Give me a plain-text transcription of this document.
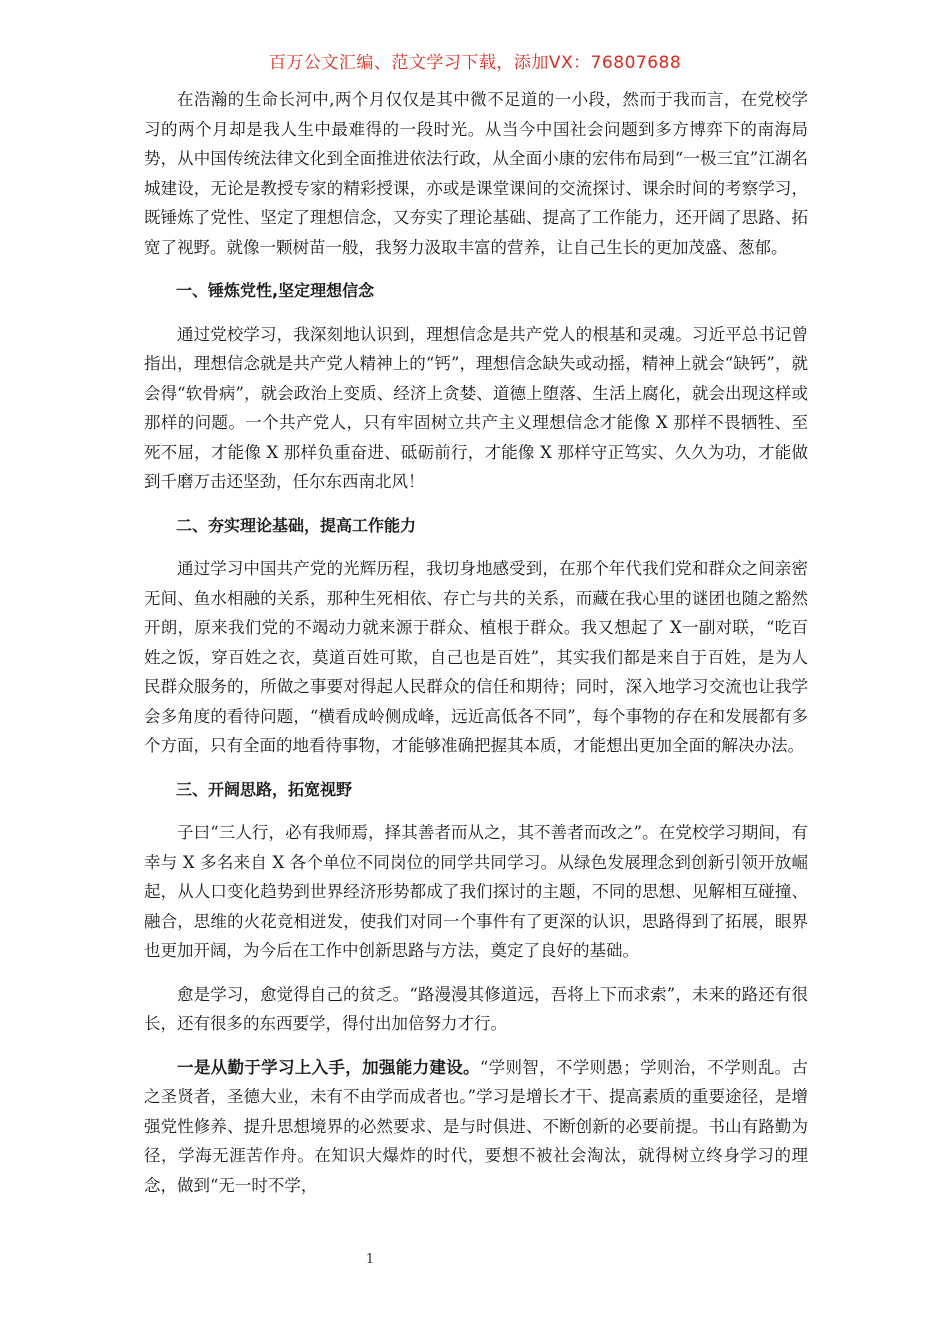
百万公文汇编、范文学习下载，添加VX：76807688

在浩瀚的生命长河中,两个月仅仅是其中微不足道的一小段，然而于我而言，在党校学习的两个月却是我人生中最难得的一段时光。从当今中国社会问题到多方博弈下的南海局势，从中国传统法律文化到全面推进依法行政，从全面小康的宏伟布局到“一极三宜”江湖名城建设，无论是教授专家的精彩授课，亦或是课堂课间的交流探讨、课余时间的考察学习，既锤炼了党性、坚定了理想信念，又夯实了理论基础、提高了工作能力，还开阔了思路、拓宽了视野。就像一颗树苗一般，我努力汲取丰富的营养，让自己生长的更加茂盛、葱郁。

一、锤炼党性,坚定理想信念

通过党校学习，我深刻地认识到，理想信念是共产党人的根基和灵魂。习近平总书记曾指出，理想信念就是共产党人精神上的“钙”，理想信念缺失或动摇，精神上就会“缺钙”，就会得“软骨病”，就会政治上变质、经济上贪婪、道德上堕落、生活上腐化，就会出现这样或那样的问题。一个共产党人，只有牢固树立共产主义理想信念才能像 X 那样不畏牺牲、至死不屈，才能像 X 那样负重奋进、砥砺前行，才能像 X 那样守正笃实、久久为功，才能做到千磨万击还坚劲，任尔东西南北风！

二、夯实理论基础，提高工作能力

通过学习中国共产党的光辉历程，我切身地感受到，在那个年代我们党和群众之间亲密无间、鱼水相融的关系，那种生死相依、存亡与共的关系，而藏在我心里的谜团也随之豁然开朗，原来我们党的不竭动力就来源于群众、植根于群众。我又想起了 X一副对联，“吃百姓之饭，穿百姓之衣，莫道百姓可欺，自己也是百姓”，其实我们都是来自于百姓，是为人民群众服务的，所做之事要对得起人民群众的信任和期待；同时，深入地学习交流也让我学会多角度的看待问题，“横看成岭侧成峰，远近高低各不同”，每个事物的存在和发展都有多个方面，只有全面的地看待事物，才能够准确把握其本质，才能想出更加全面的解决办法。

三、开阔思路，拓宽视野

子曰“三人行，必有我师焉，择其善者而从之，其不善者而改之”。在党校学习期间，有幸与 X 多名来自 X 各个单位不同岗位的同学共同学习。从绿色发展理念到创新引领开放崛起，从人口变化趋势到世界经济形势都成了我们探讨的主题，不同的思想、见解相互碰撞、融合，思维的火花竞相迸发，使我们对同一个事件有了更深的认识，思路得到了拓展，眼界也更加开阔，为今后在工作中创新思路与方法，奠定了良好的基础。

愈是学习，愈觉得自己的贫乏。“路漫漫其修道远，吾将上下而求索”，未来的路还有很长，还有很多的东西要学，得付出加倍努力才行。

一是从勤于学习上入手，加强能力建设。“学则智，不学则愚；学则治，不学则乱。古之圣贤者，圣德大业，未有不由学而成者也。”学习是增长才干、提高素质的重要途径，是增强党性修养、提升思想境界的必然要求、是与时俱进、不断创新的必要前提。书山有路勤为径，学海无涯苦作舟。在知识大爆炸的时代，要想不被社会淘汰，就得树立终身学习的理念，做到“无一时不学，

1
